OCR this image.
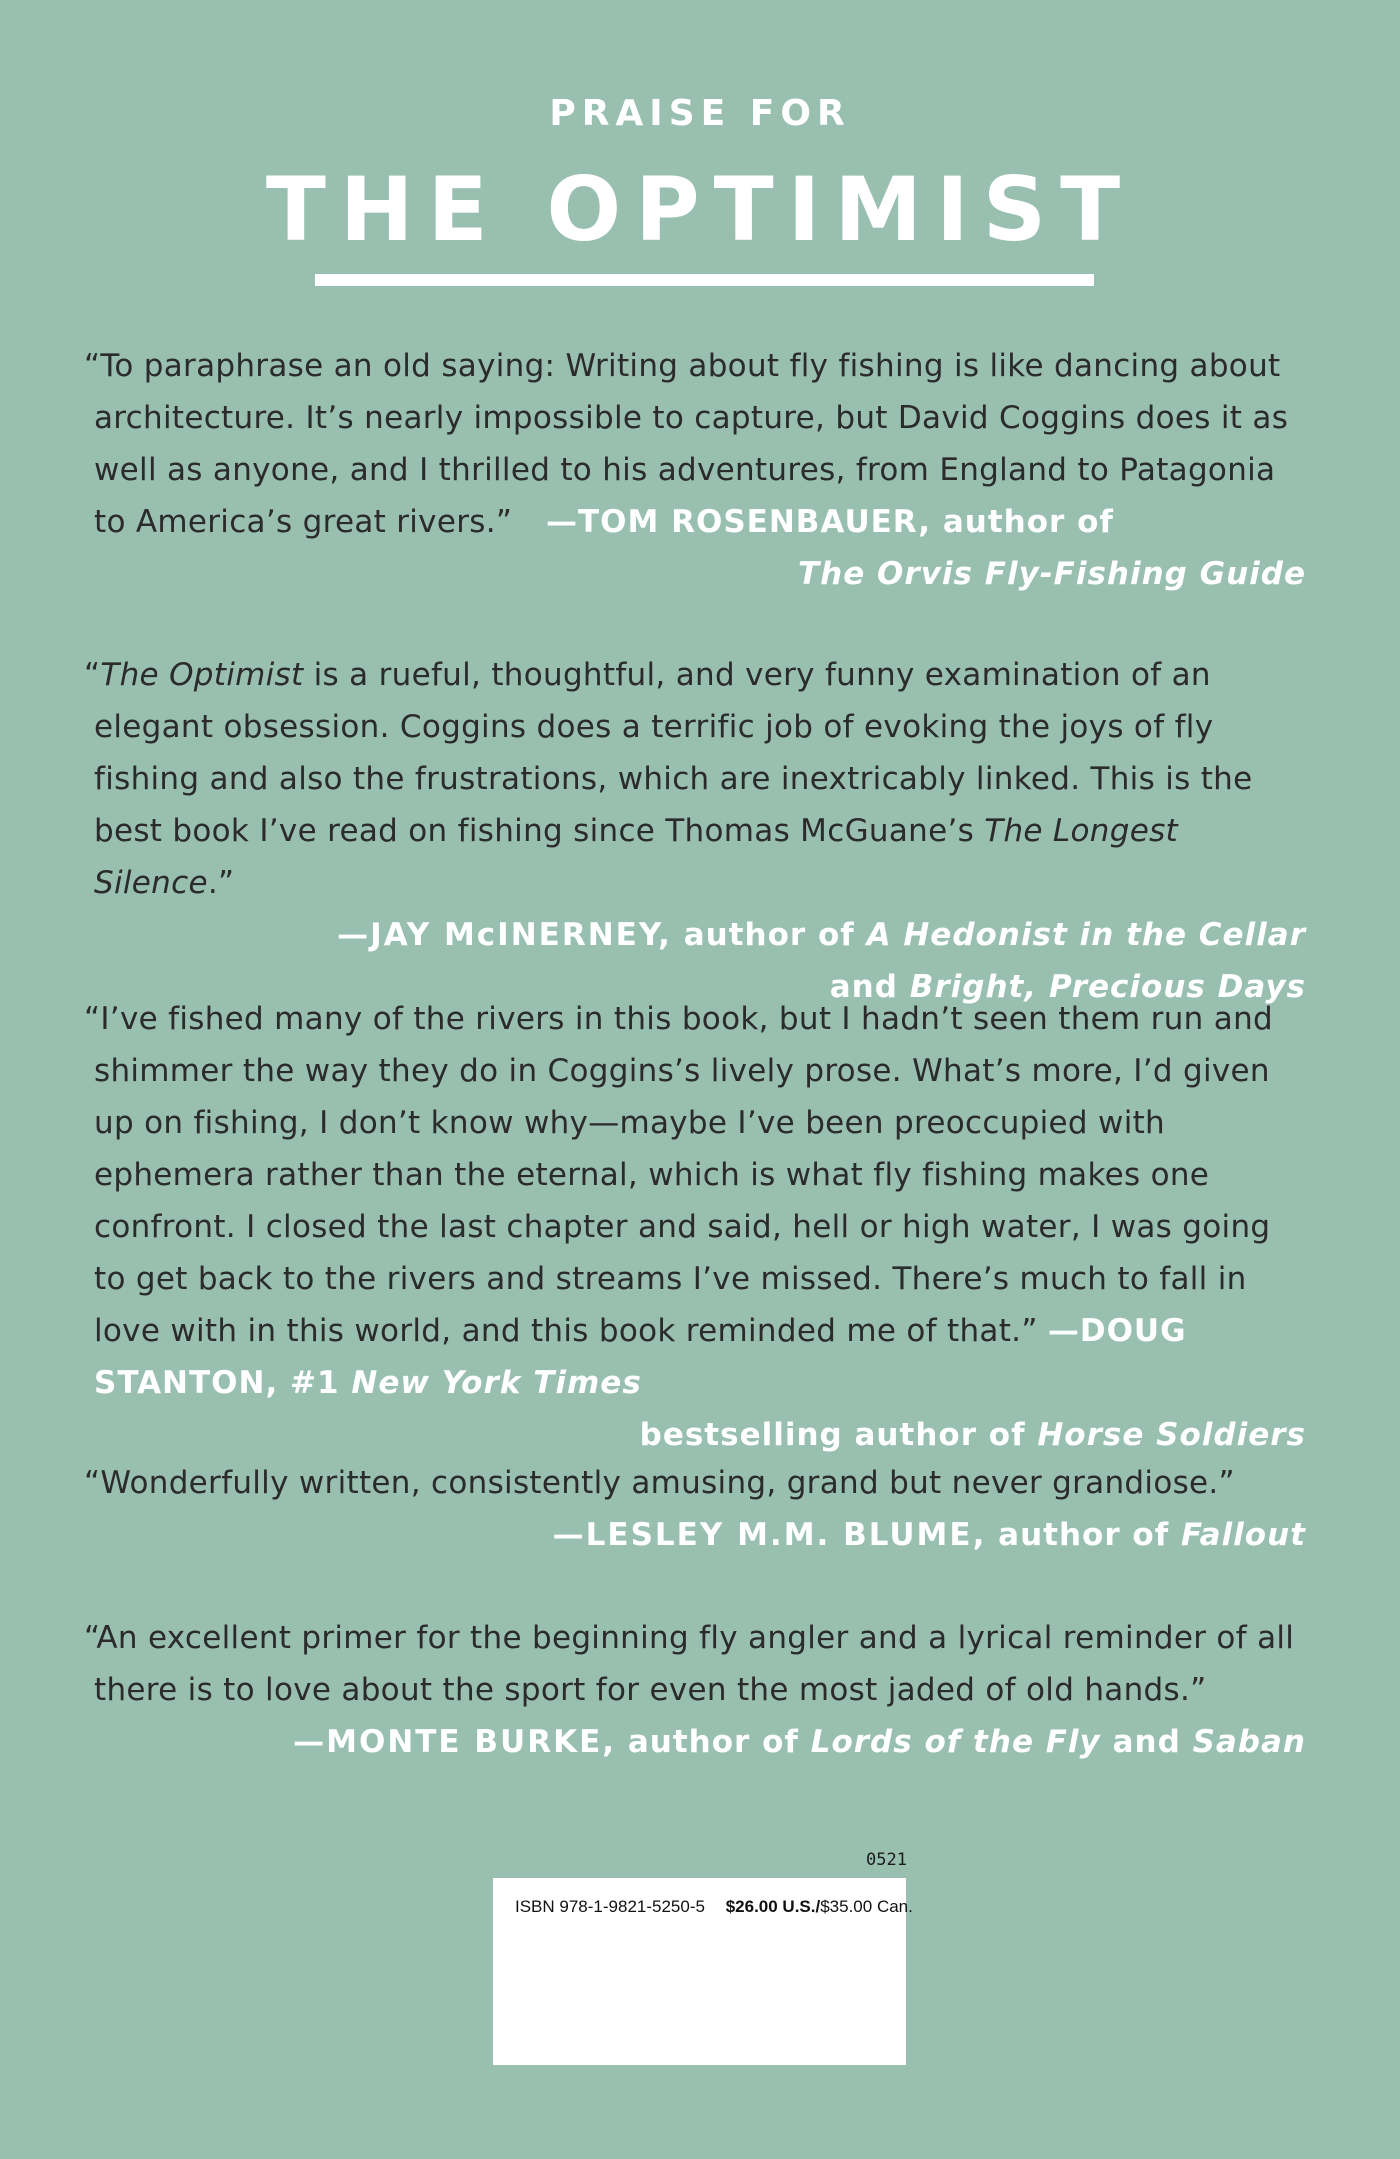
PRAISE FOR
THE OPTIMIST
“To paraphrase an old saying: Writing about fly fishing is like dancing about architecture. It’s nearly impossible to capture, but David Coggins does it as well as anyone, and I thrilled to his adventures, from England to Patagonia to America’s great rivers.” —TOM ROSENBAUER, author of
The Orvis Fly-Fishing Guide
“The Optimist is a rueful, thoughtful, and very funny examination of an elegant obsession. Coggins does a terrific job of evoking the joys of fly fishing and also the frustrations, which are inextricably linked. This is the best book I’ve read on fishing since Thomas McGuane’s The Longest Silence.”
—JAY McINERNEY, author of A Hedonist in the Cellar
and Bright, Precious Days
“I’ve fished many of the rivers in this book, but I hadn’t seen them run and shimmer the way they do in Coggins’s lively prose. What’s more, I’d given up on fishing, I don’t know why—maybe I’ve been preoccupied with ephemera rather than the eternal, which is what fly fishing makes one confront. I closed the last chapter and said, hell or high water, I was going to get back to the rivers and streams I’ve missed. There’s much to fall in love with in this world, and this book reminded me of that.” —DOUG STANTON, #1 New York Times
bestselling author of Horse Soldiers
“Wonderfully written, consistently amusing, grand but never grandiose.”
—LESLEY M.M. BLUME, author of Fallout
“An excellent primer for the beginning fly angler and a lyrical reminder of all there is to love about the sport for even the most jaded of old hands.”
—MONTE BURKE, author of Lords of the Fly and Saban
0521
ISBN 978-1-9821-5250-5 $26.00 U.S./$35.00 Can.
